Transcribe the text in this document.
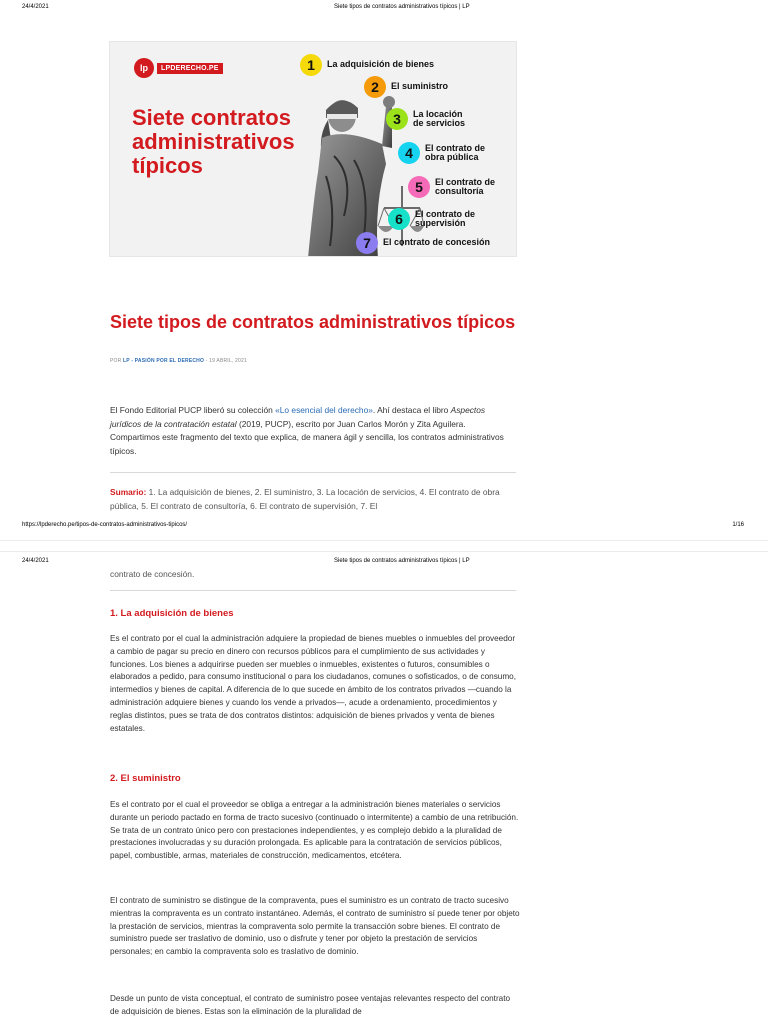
24/4/2021	Siete tipos de contratos administrativos típicos | LP
lp	LPDERECHO.PE
Siete contratos administrativos típicos
1	La adquisición de bienes
2	El suministro
3	La locación de servicios
4	El contrato de obra pública
5	El contrato de consultoría
6	El contrato de supervisión
7	El contrato de concesión
Siete tipos de contratos administrativos típicos
POR LP - PASIÓN POR EL DERECHO - 19 ABRIL, 2021

El Fondo Editorial PUCP liberó su colección «Lo esencial del derecho». Ahí destaca el libro Aspectos jurídicos de la contratación estatal (2019, PUCP), escrito por Juan Carlos Morón y Zita Aguilera. Compartimos este fragmento del texto que explica, de manera ágil y sencilla, los contratos administrativos típicos.

Sumario: 1. La adquisición de bienes, 2. El suministro, 3. La locación de servicios, 4. El contrato de obra pública, 5. El contrato de consultoría, 6. El contrato de supervisión, 7. El

https://lpderecho.pe/tipos-de-contratos-administrativos-tipicos/	1/16
24/4/2021	Siete tipos de contratos administrativos típicos | LP

contrato de concesión.

1. La adquisición de bienes

Es el contrato por el cual la administración adquiere la propiedad de bienes muebles o inmuebles del proveedor a cambio de pagar su precio en dinero con recursos públicos para el cumplimiento de sus actividades y funciones. Los bienes a adquirirse pueden ser muebles o inmuebles, existentes o futuros, consumibles o elaborados a pedido, para consumo institucional o para los ciudadanos, comunes o sofisticados, o de consumo, intermedios y bienes de capital. A diferencia de lo que sucede en ámbito de los contratos privados —cuando la administración adquiere bienes y cuando los vende a privados—, acude a ordenamiento, procedimientos y reglas distintos, pues se trata de dos contratos distintos: adquisición de bienes privados y venta de bienes estatales.

2. El suministro

Es el contrato por el cual el proveedor se obliga a entregar a la administración bienes materiales o servicios durante un periodo pactado en forma de tracto sucesivo (continuado o intermitente) a cambio de una retribución. Se trata de un contrato único pero con prestaciones independientes, y es complejo debido a la pluralidad de prestaciones involucradas y su duración prolongada. Es aplicable para la contratación de servicios públicos, papel, combustible, armas, materiales de construcción, medicamentos, etcétera.

El contrato de suministro se distingue de la compraventa, pues el suministro es un contrato de tracto sucesivo mientras la compraventa es un contrato instantáneo. Además, el contrato de suministro sí puede tener por objeto la prestación de servicios, mientras la compraventa solo permite la transacción sobre bienes. El contrato de suministro puede ser traslativo de dominio, uso o disfrute y tener por objeto la prestación de servicios personales; en cambio la compraventa solo es traslativo de dominio.

Desde un punto de vista conceptual, el contrato de suministro posee ventajas relevantes respecto del contrato de adquisición de bienes. Estas son la eliminación de la pluralidad de
